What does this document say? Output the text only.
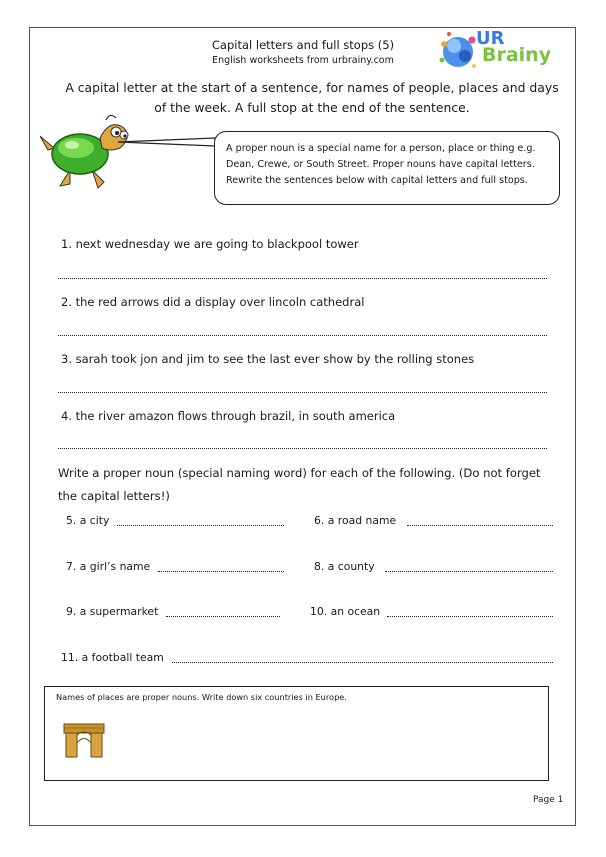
Capital letters and full stops (5)
English worksheets from urbrainy.com
UR
Brainy
A capital letter at the start of a sentence, for names of people, places and days of the week. A full stop at the end of the sentence.
A proper noun is a special name for a person, place or thing e.g.
Dean, Crewe, or South Street. Proper nouns have capital letters.
Rewrite the sentences below with capital letters and full stops.
1. next wednesday we are going to blackpool tower
2. the red arrows did a display over lincoln cathedral
3. sarah took jon and jim to see the last ever show by the rolling stones
4. the river amazon flows through brazil, in south america
Write a proper noun (special naming word) for each of the following. (Do not forget the capital letters!)
5. a city	6. a road name
7. a girl’s name	8. a county
9. a supermarket	10. an ocean
11. a football team
Names of places are proper nouns. Write down six countries in Europe.
Page 1
